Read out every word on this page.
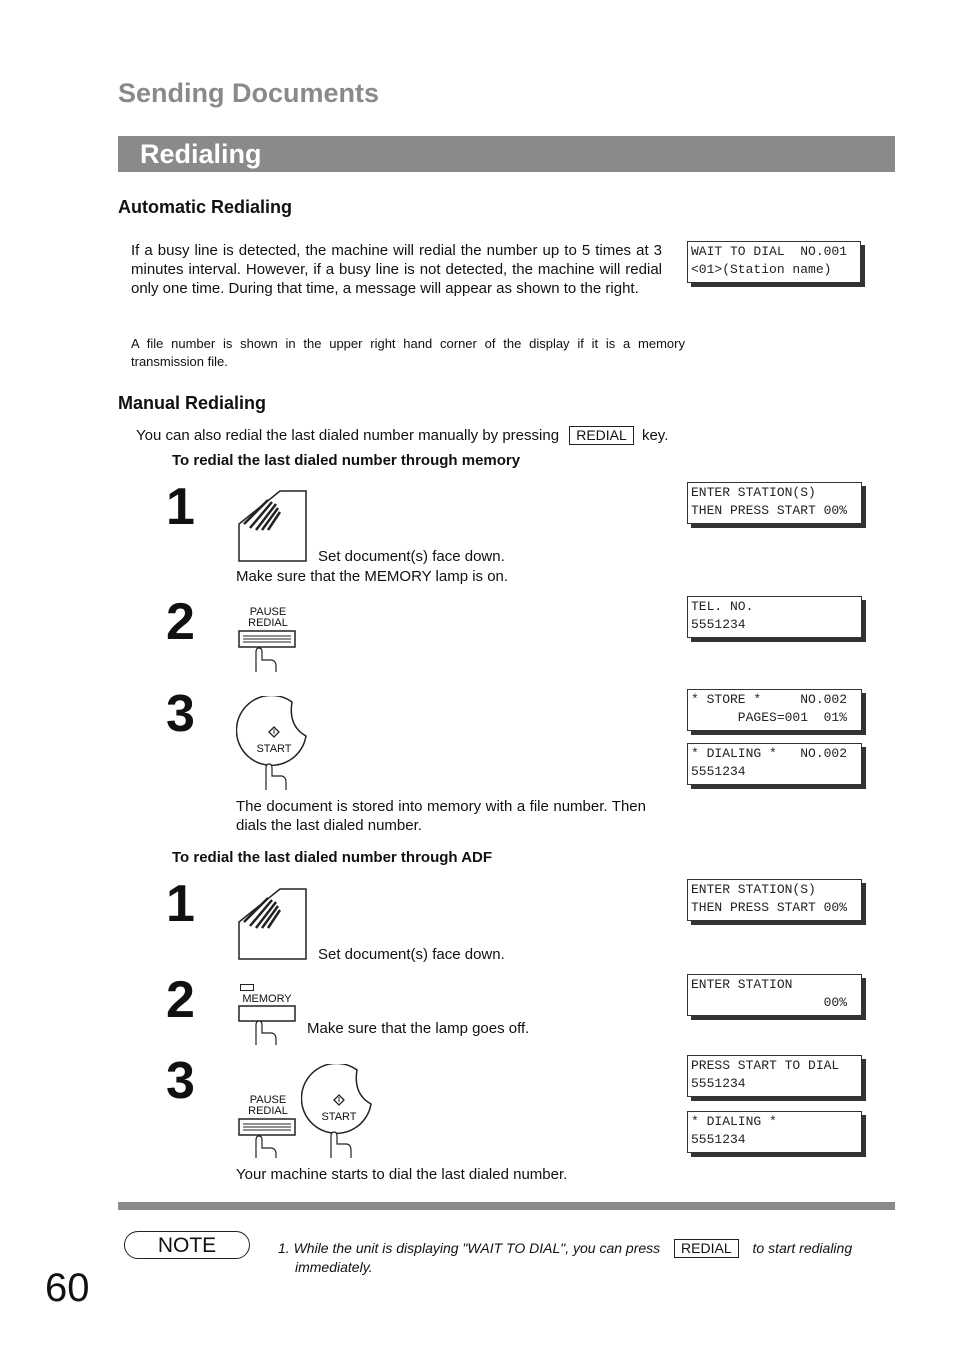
Sending Documents
Redialing
Automatic Redialing
If a busy line is detected, the machine will redial the number up to 5 times at 3 minutes interval. However, if a busy line is not detected, the machine will redial only one time. During that time, a message will appear as shown to the right.
WAIT TO DIAL  NO.001
<01>(Station name)
A file number is shown in the upper right hand corner of the display if it is a memory transmission file.
Manual Redialing
You can also redial the last dialed number manually by pressing REDIAL key.
To redial the last dialed number through memory
1
Set document(s) face down.
Make sure that the MEMORY lamp is on.
ENTER STATION(S)
THEN PRESS START 00%
2	PAUSE
REDIAL
TEL. NO.
5551234
3
START
* STORE *     NO.002
PAGES=001  01%
* DIALING *   NO.002
5551234
The document is stored into memory with a file number. Then dials the last dialed number.
To redial the last dialed number through ADF
1
Set document(s) face down.
ENTER STATION(S)
THEN PRESS START 00%
2	MEMORY
Make sure that the lamp goes off.
ENTER STATION
00%
3	PAUSE
REDIAL	START
PRESS START TO DIAL
5551234
* DIALING *
5551234
Your machine starts to dial the last dialed number.
NOTE	1. While the unit is displaying "WAIT TO DIAL", you can press REDIAL to start redialing
immediately.
60
